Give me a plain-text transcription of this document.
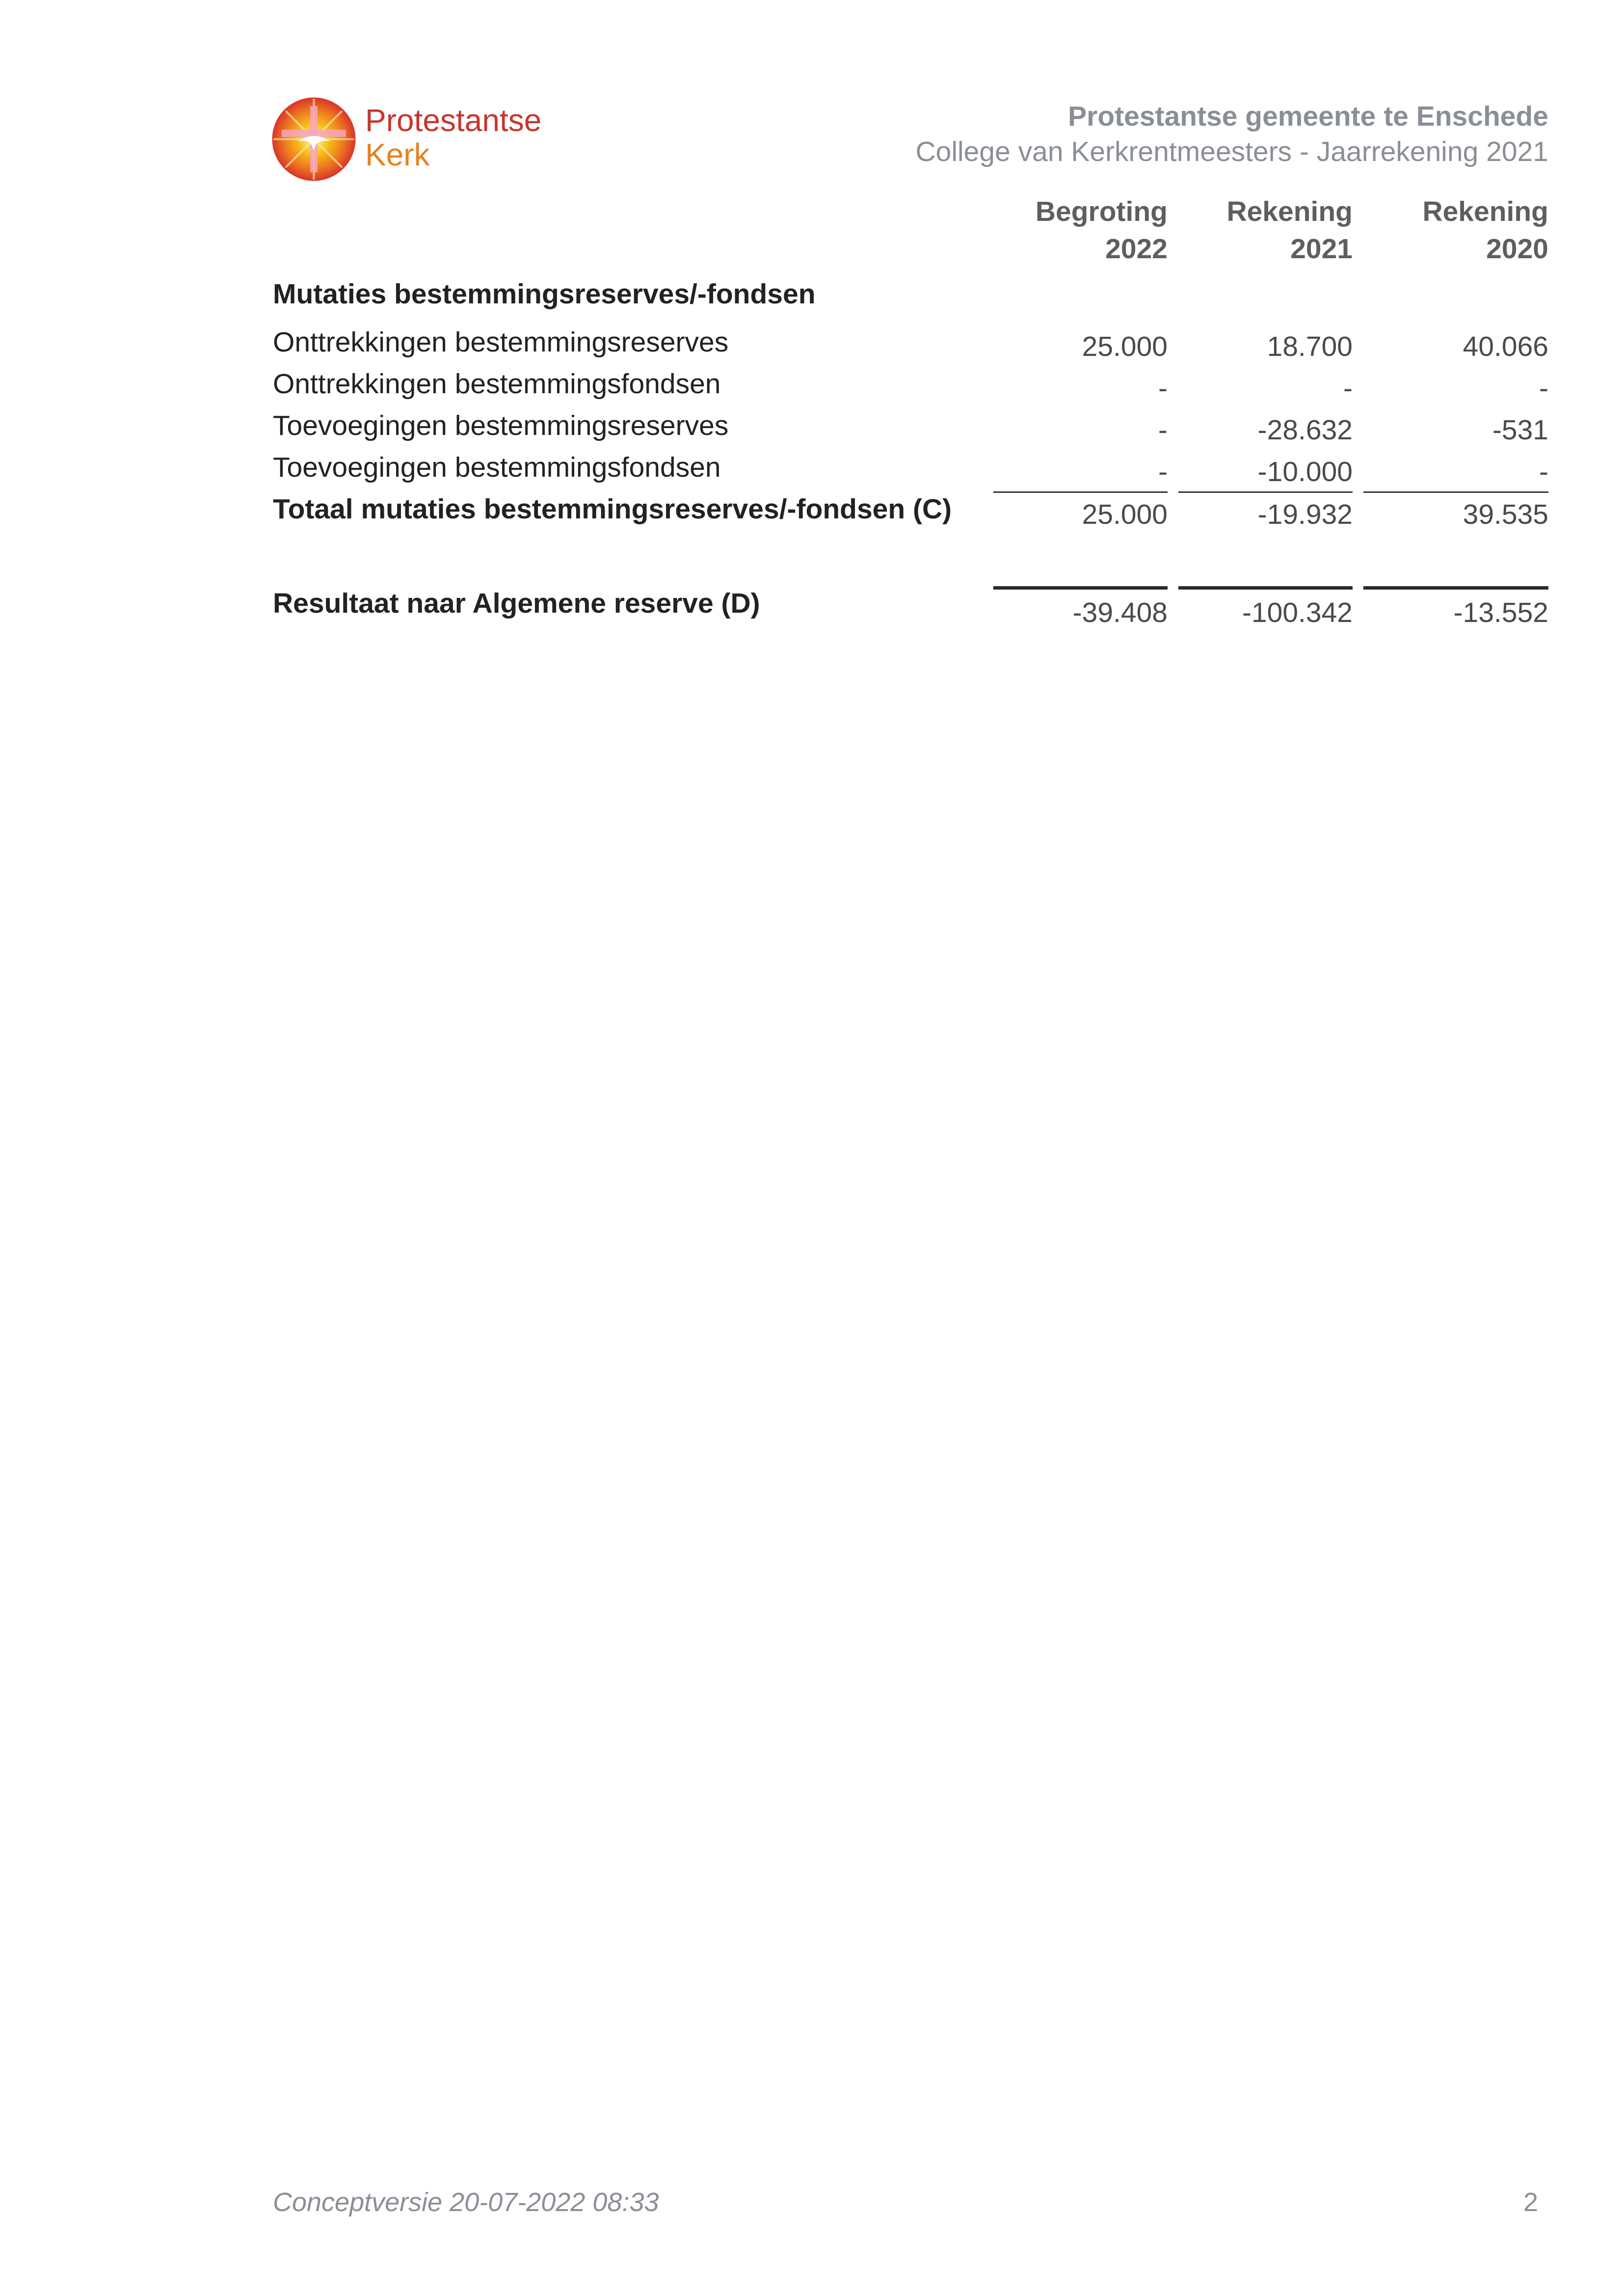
Protestantse
Kerk
Protestantse gemeente te Enschede
College van Kerkrentmeesters - Jaarrekening 2021
Begroting
2022
Rekening
2021
Rekening
2020
Mutaties bestemmingsreserves/-fondsen
Onttrekkingen bestemmingsreserves	25.000	18.700	40.066
Onttrekkingen bestemmingsfondsen	-	-	-
Toevoegingen bestemmingsreserves	-	-28.632	-531
Toevoegingen bestemmingsfondsen	-	-10.000	-
Totaal mutaties bestemmingsreserves/-fondsen (C)	25.000	-19.932	39.535
Resultaat naar Algemene reserve (D)	-39.408	-100.342	-13.552
Conceptversie 20-07-2022 08:33	2
